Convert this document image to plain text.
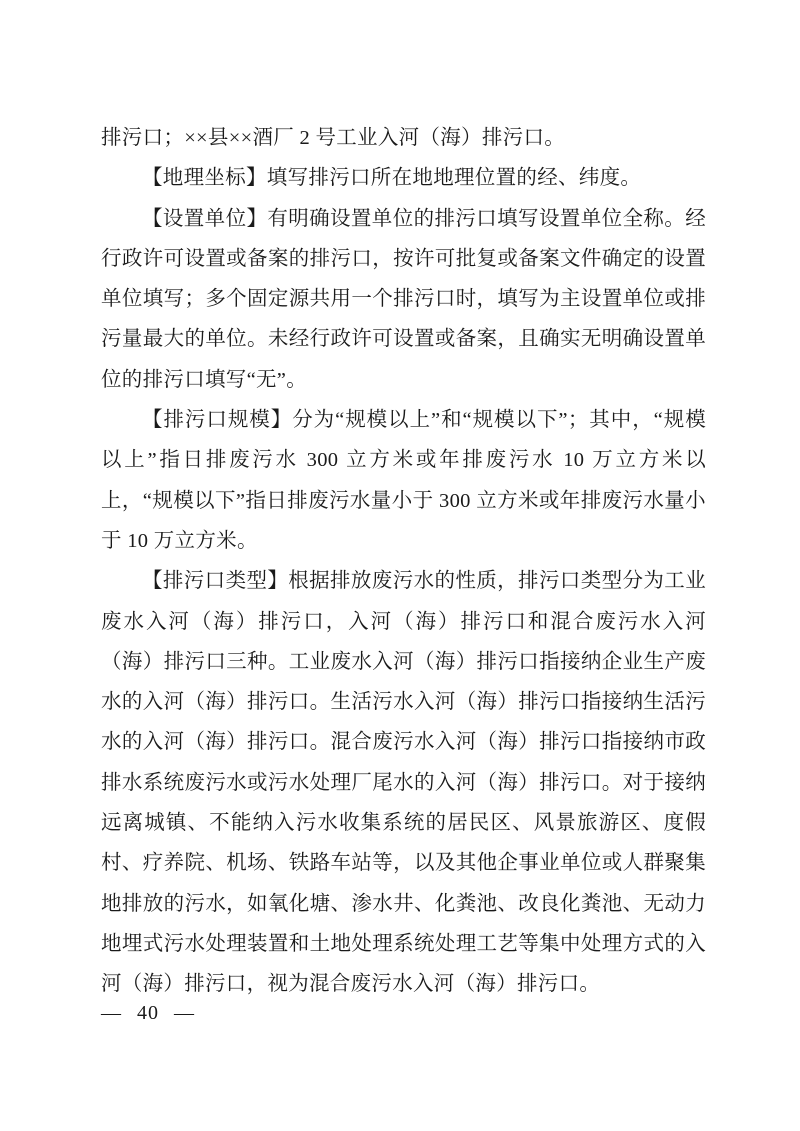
排污口；××县××酒厂 2 号工业入河（海）排污口。

【地理坐标】填写排污口所在地地理位置的经、纬度。

【设置单位】有明确设置单位的排污口填写设置单位全称。经行政许可设置或备案的排污口，按许可批复或备案文件确定的设置单位填写；多个固定源共用一个排污口时，填写为主设置单位或排污量最大的单位。未经行政许可设置或备案，且确实无明确设置单位的排污口填写“无”。

【排污口规模】分为“规模以上”和“规模以下”；其中，“规模以上”指日排废污水 300 立方米或年排废污水 10 万立方米以上，“规模以下”指日排废污水量小于 300 立方米或年排废污水量小于 10 万立方米。

【排污口类型】根据排放废污水的性质，排污口类型分为工业废水入河（海）排污口，入河（海）排污口和混合废污水入河（海）排污口三种。工业废水入河（海）排污口指接纳企业生产废水的入河（海）排污口。生活污水入河（海）排污口指接纳生活污水的入河（海）排污口。混合废污水入河（海）排污口指接纳市政排水系统废污水或污水处理厂尾水的入河（海）排污口。对于接纳远离城镇、不能纳入污水收集系统的居民区、风景旅游区、度假村、疗养院、机场、铁路车站等，以及其他企事业单位或人群聚集地排放的污水，如氧化塘、渗水井、化粪池、改良化粪池、无动力地埋式污水处理装置和土地处理系统处理工艺等集中处理方式的入河（海）排污口，视为混合废污水入河（海）排污口。

— 40 —
